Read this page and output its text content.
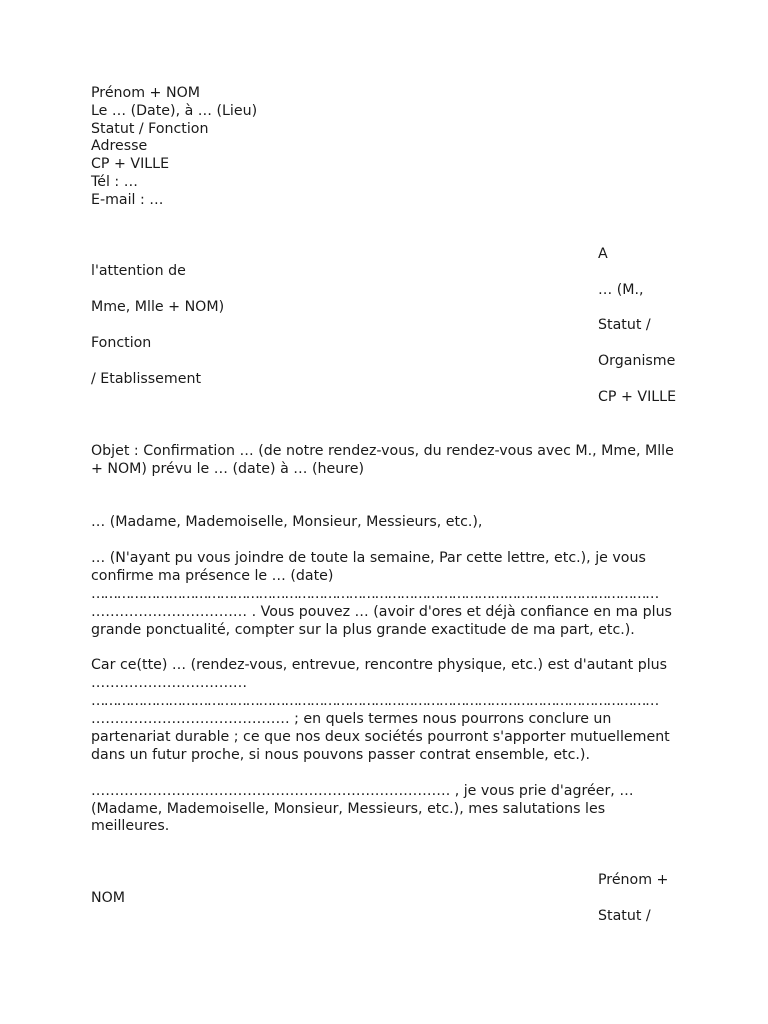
Prénom + NOM

Le … (Date), à … (Lieu)

Statut / Fonction

Adresse

CP + VILLE

Tél : …

E-mail : …

A

l'attention de

… (M.,

Mme, Mlle + NOM)

Statut /

Fonction

Organisme

/ Etablissement

CP + VILLE

Objet : Confirmation … (de notre rendez-vous, du rendez-vous avec M., Mme, Mlle

+ NOM) prévu le … (date) à … (heure)

… (Madame, Mademoiselle, Monsieur, Messieurs, etc.),

… (N'ayant pu vous joindre de toute la semaine, Par cette lettre, etc.), je vous

confirme ma présence le … (date)

……………………………………………………………………………………………………………………

…………………………… . Vous pouvez … (avoir d'ores et déjà confiance en ma plus

grande ponctualité, compter sur la plus grande exactitude de ma part, etc.).

Car ce(tte) … (rendez-vous, entrevue, rencontre physique, etc.) est d'autant plus

……………………………

……………………………………………………………………………………………………………………

…………………………………… ; en quels termes nous pourrons conclure un

partenariat durable ; ce que nos deux sociétés pourront s'apporter mutuellement

dans un futur proche, si nous pouvons passer contrat ensemble, etc.).

…………………………………………………………………. , je vous prie d'agréer, …

(Madame, Mademoiselle, Monsieur, Messieurs, etc.), mes salutations les

meilleures.

Prénom +

NOM

Statut /
